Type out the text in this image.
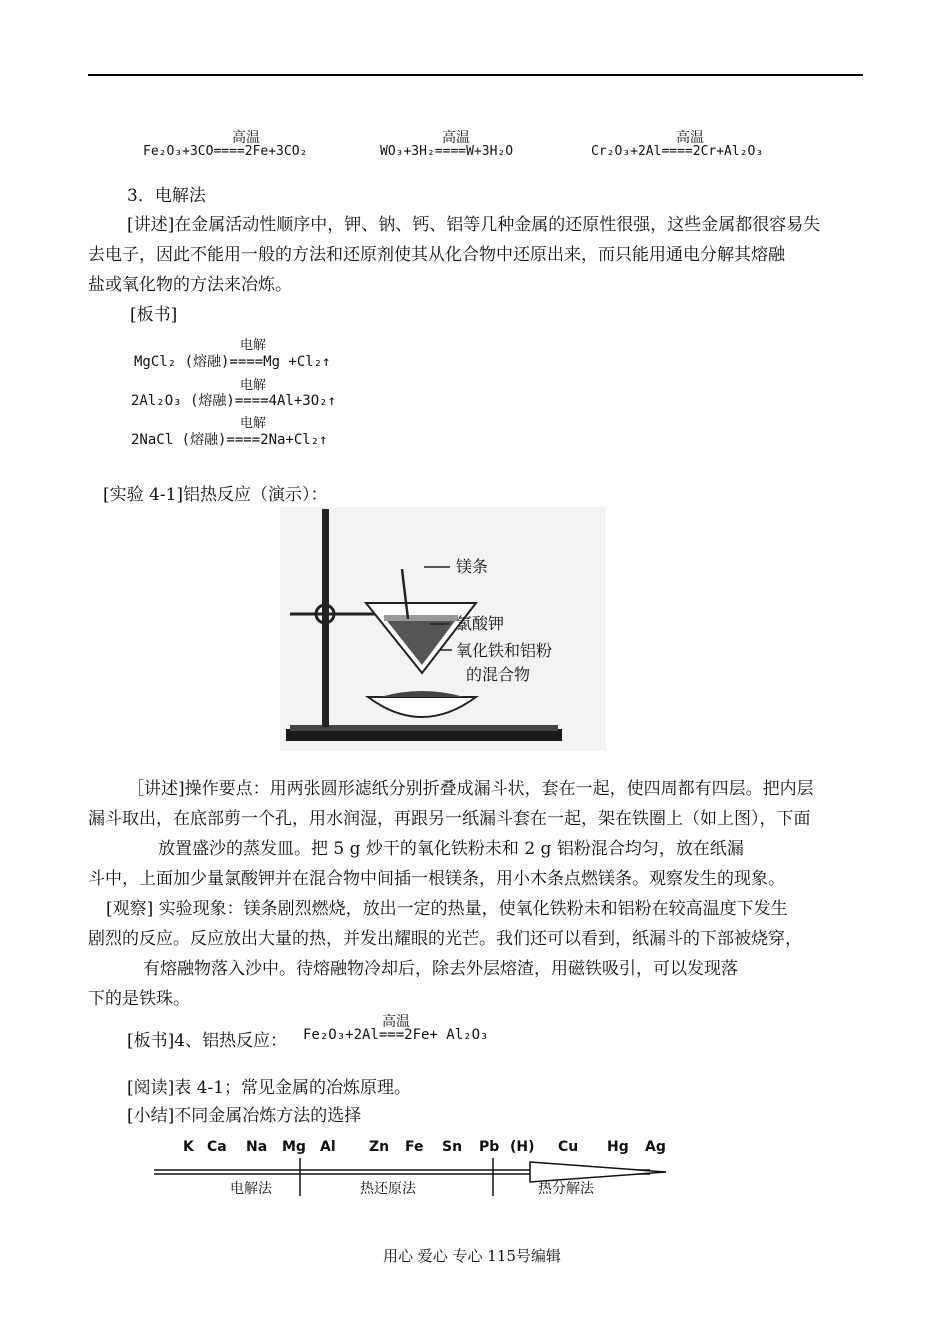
高温
Fe₂O₃+3CO====2Fe+3CO₂
高温
WO₃+3H₂====W+3H₂O
高温
Cr₂O₃+2Al====2Cr+Al₂O₃
3．电解法
[讲述]在金属活动性顺序中，钾、钠、钙、铝等几种金属的还原性很强，这些金属都很容易失
去电子，因此不能用一般的方法和还原剂使其从化合物中还原出来，而只能用通电分解其熔融
盐或氧化物的方法来冶炼。
[板书]
电解
MgCl₂ (熔融)====Mg +Cl₂↑
电解
2Al₂O₃ (熔融)====4Al+3O₂↑
电解
2NaCl (熔融)====2Na+Cl₂↑
[实验 4-1]铝热反应（演示）：
镁条
氯酸钾
氧化铁和铝粉
的混合物
［讲述]操作要点：用两张圆形滤纸分别折叠成漏斗状，套在一起，使四周都有四层。把内层
漏斗取出，在底部剪一个孔，用水润湿，再跟另一纸漏斗套在一起，架在铁圈上（如上图），下面
放置盛沙的蒸发皿。把 5 g 炒干的氧化铁粉未和 2 g 铝粉混合均匀，放在纸漏
斗中，上面加少量氯酸钾并在混合物中间插一根镁条，用小木条点燃镁条。观察发生的现象。
[观察] 实验现象：镁条剧烈燃烧，放出一定的热量，使氧化铁粉未和铝粉在较高温度下发生
剧烈的反应。反应放出大量的热，并发出耀眼的光芒。我们还可以看到，纸漏斗的下部被烧穿，
有熔融物落入沙中。待熔融物冷却后，除去外层熔渣，用磁铁吸引，可以发现落
下的是铁珠。
[板书]4、铝热反应：
高温
Fe₂O₃+2Al===2Fe+ Al₂O₃
[阅读]表 4-1；常见金属的冶炼原理。
[小结]不同金属冶炼方法的选择
K Ca Na Mg Al Zn Fe Sn Pb (H) Cu Hg Ag
电解法	热还原法	热分解法
用心 爱心 专心 115号编辑
